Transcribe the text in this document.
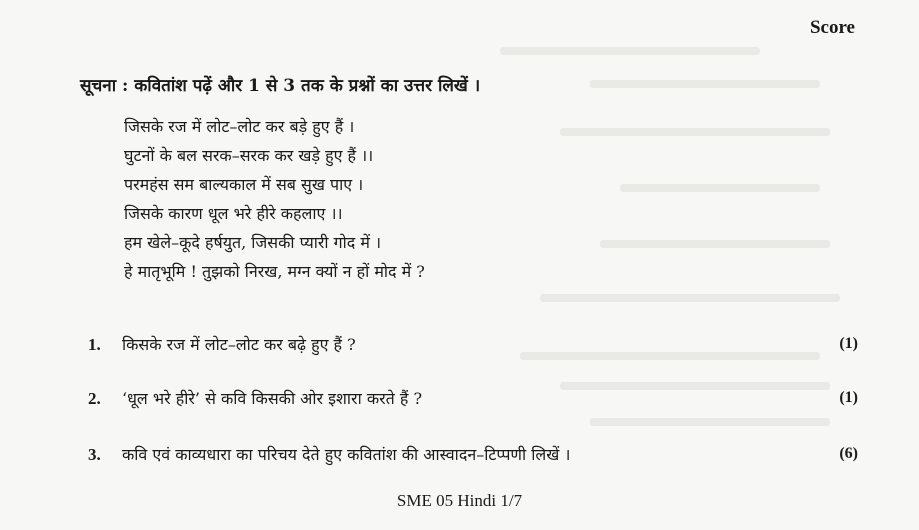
Score
सूचना : कवितांश पढ़ें और 1 से 3 तक के प्रश्नों का उत्तर लिखें ।
जिसके रज में लोट–लोट कर बड़े हुए हैं ।
घुटनों के बल सरक–सरक कर खड़े हुए हैं ।।
परमहंस सम बाल्यकाल में सब सुख पाए ।
जिसके कारण धूल भरे हीरे कहलाए ।।
हम खेले–कूदे हर्षयुत, जिसकी प्यारी गोद में ।
हे मातृभूमि ! तुझको निरख, मग्न क्यों न हों मोद में ?
1. किसके रज में लोट–लोट कर बढ़े हुए हैं ?	(1)
2. ‘धूल भरे हीरे’ से कवि किसकी ओर इशारा करते हैं ?	(1)
3. कवि एवं काव्यधारा का परिचय देते हुए कवितांश की आस्वादन–टिप्पणी लिखें ।	(6)
SME 05 Hindi 1/7
